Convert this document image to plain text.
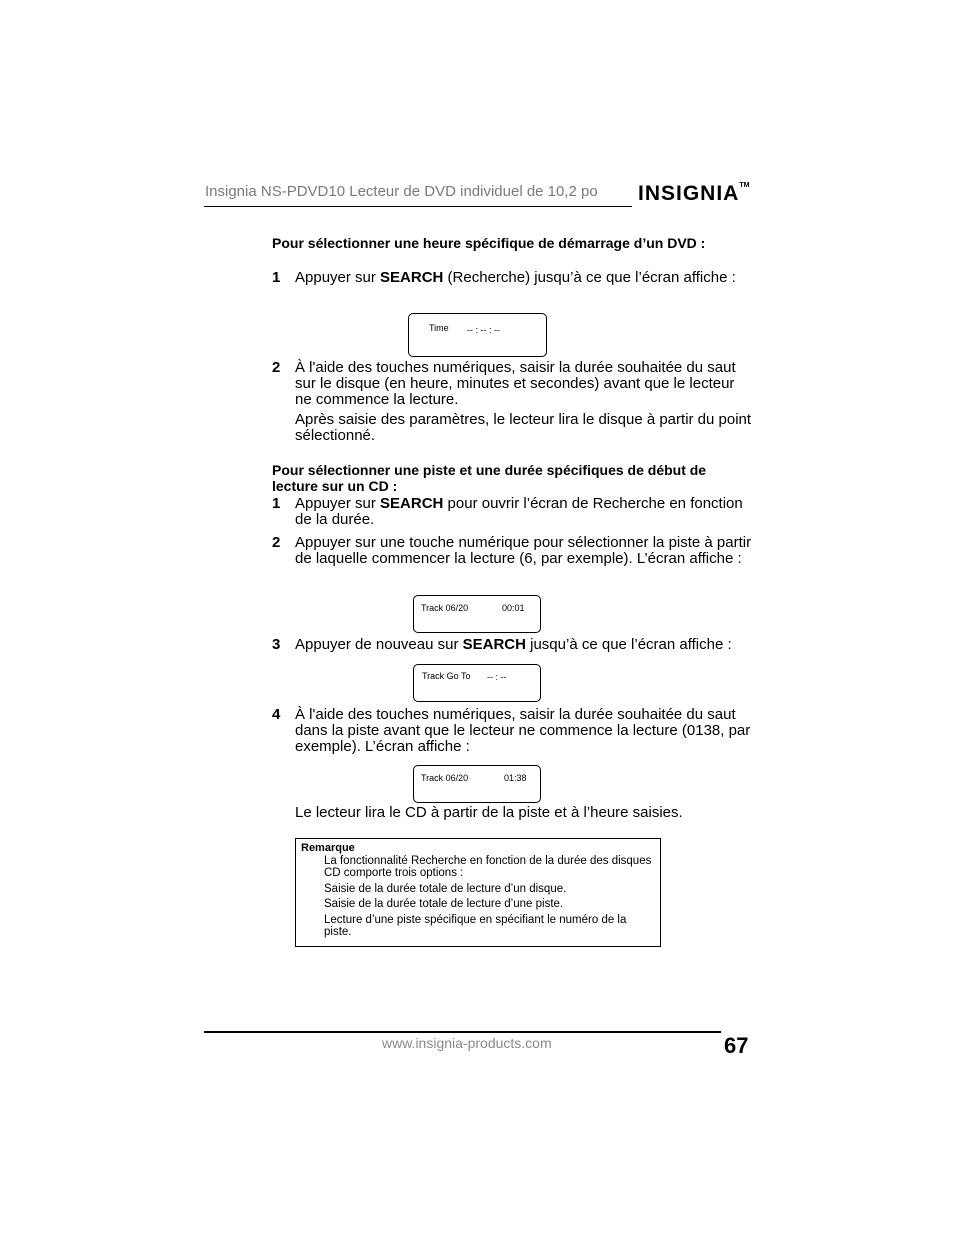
Insignia NS-PDVD10 Lecteur de DVD individuel de 10,2 po INSIGNIA™
Pour sélectionner une heure spécifique de démarrage d’un DVD :
1 Appuyer sur SEARCH (Recherche) jusqu’à ce que l’écran affiche :
Time -- : -- : --
2 À l'aide des touches numériques, saisir la durée souhaitée du saut sur le disque (en heure, minutes et secondes) avant que le lecteur ne commence la lecture.
Après saisie des paramètres, le lecteur lira le disque à partir du point sélectionné.
Pour sélectionner une piste et une durée spécifiques de début de lecture sur un CD :
1 Appuyer sur SEARCH pour ouvrir l’écran de Recherche en fonction de la durée.
2 Appuyer sur une touche numérique pour sélectionner la piste à partir de laquelle commencer la lecture (6, par exemple). L’écran affiche :
Track 06/20	00:01
3 Appuyer de nouveau sur SEARCH jusqu’à ce que l’écran affiche :
Track Go To -- : --
4 À l'aide des touches numériques, saisir la durée souhaitée du saut dans la piste avant que le lecteur ne commence la lecture (0138, par exemple). L’écran affiche :
Track 06/20	01:38
Le lecteur lira le CD à partir de la piste et à l’heure saisies.
Remarque
La fonctionnalité Recherche en fonction de la durée des disques CD comporte trois options :
Saisie de la durée totale de lecture d’un disque.
Saisie de la durée totale de lecture d’une piste.
Lecture d’une piste spécifique en spécifiant le numéro de la piste.
www.insignia-products.com	67
